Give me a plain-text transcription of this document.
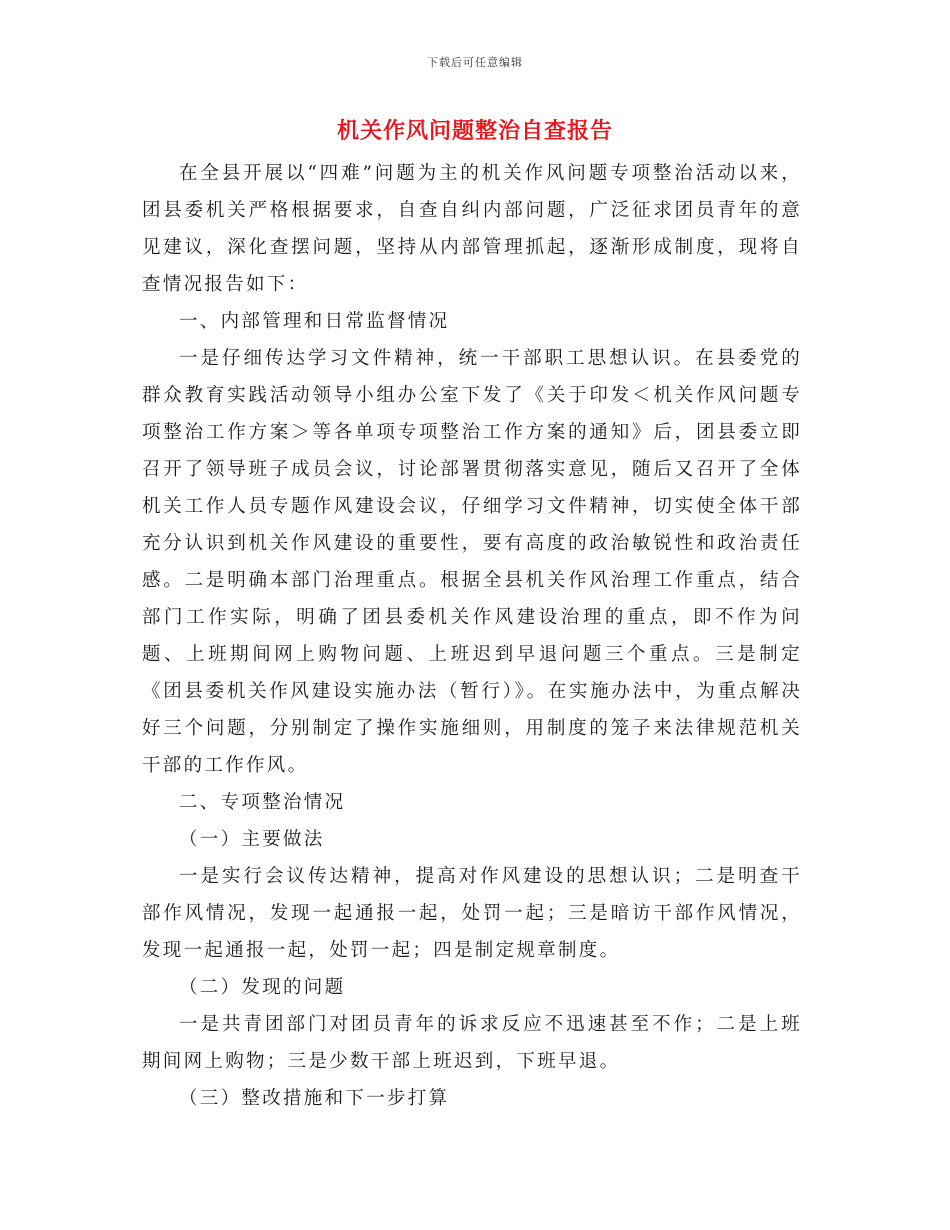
下载后可任意编辑
机关作风问题整治自查报告

在全县开展以“四难”问题为主的机关作风问题专项整治活动以来，团县委机关严格根据要求，自查自纠内部问题，广泛征求团员青年的意见建议，深化查摆问题，坚持从内部管理抓起，逐渐形成制度，现将自查情况报告如下：

一、内部管理和日常监督情况

一是仔细传达学习文件精神，统一干部职工思想认识。在县委党的群众教育实践活动领导小组办公室下发了《关于印发＜机关作风问题专项整治工作方案＞等各单项专项整治工作方案的通知》后，团县委立即召开了领导班子成员会议，讨论部署贯彻落实意见，随后又召开了全体机关工作人员专题作风建设会议，仔细学习文件精神，切实使全体干部充分认识到机关作风建设的重要性，要有高度的政治敏锐性和政治责任感。二是明确本部门治理重点。根据全县机关作风治理工作重点，结合部门工作实际，明确了团县委机关作风建设治理的重点，即不作为问题、上班期间网上购物问题、上班迟到早退问题三个重点。三是制定《团县委机关作风建设实施办法（暂行）》。在实施办法中，为重点解决好三个问题，分别制定了操作实施细则，用制度的笼子来法律规范机关干部的工作作风。

二、专项整治情况

（一）主要做法

一是实行会议传达精神，提高对作风建设的思想认识；二是明查干部作风情况，发现一起通报一起，处罚一起；三是暗访干部作风情况，发现一起通报一起，处罚一起；四是制定规章制度。

（二）发现的问题

一是共青团部门对团员青年的诉求反应不迅速甚至不作；二是上班期间网上购物；三是少数干部上班迟到，下班早退。

（三）整改措施和下一步打算
